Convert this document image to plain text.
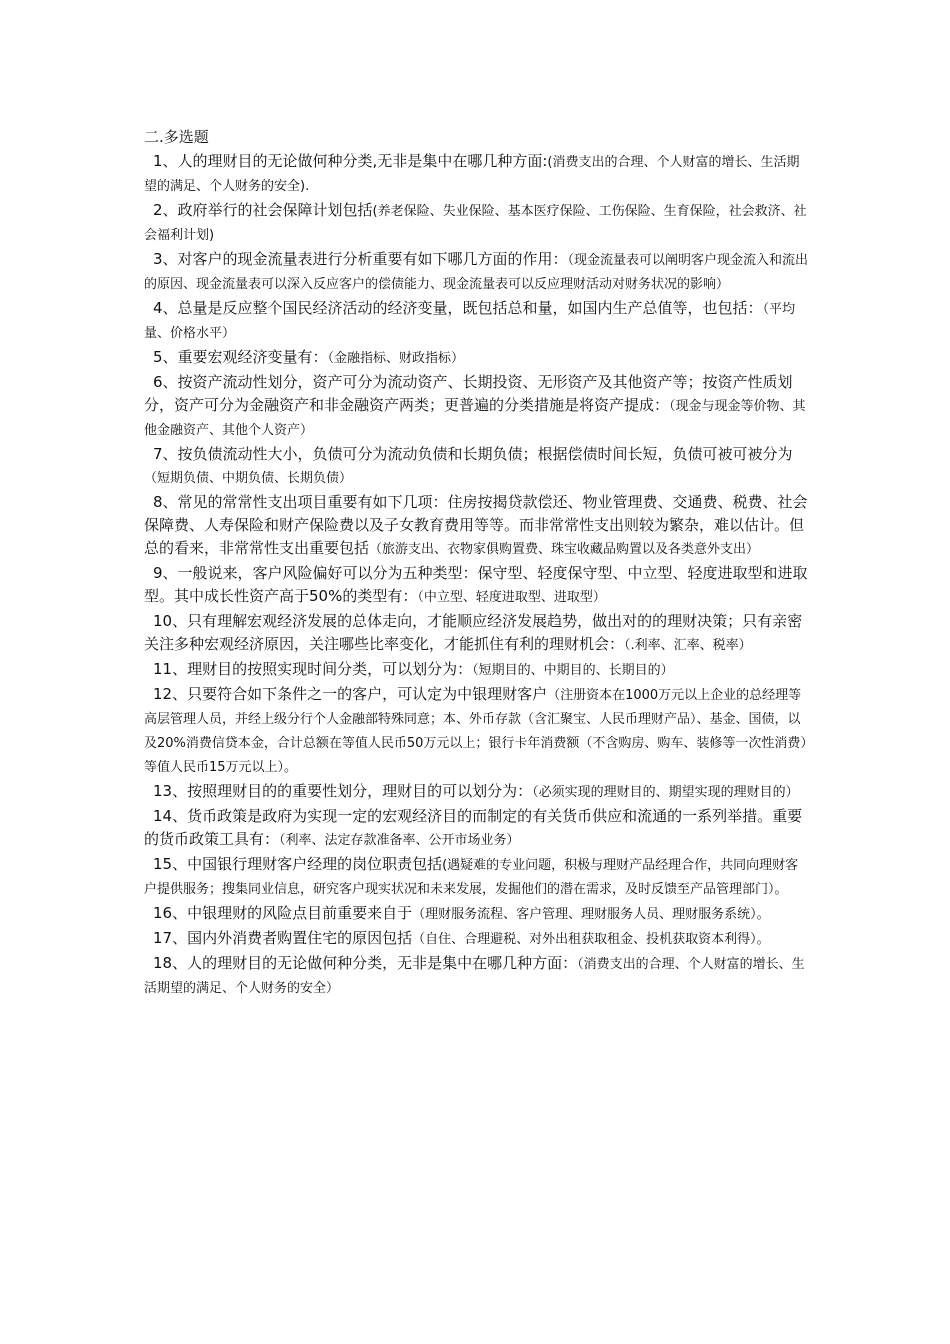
二.多选题

1、人的理财目的无论做何种分类,无非是集中在哪几种方面:(消费支出的合理、个人财富的增长、生活期望的满足、个人财务的安全).

2、政府举行的社会保障计划包括(养老保险、失业保险、基本医疗保险、工伤保险、生育保险，社会救济、社会福利计划)

3、对客户的现金流量表进行分析重要有如下哪几方面的作用：（现金流量表可以阐明客户现金流入和流出的原因、现金流量表可以深入反应客户的偿债能力、现金流量表可以反应理财活动对财务状况的影响）

4、总量是反应整个国民经济活动的经济变量，既包括总和量，如国内生产总值等，也包括：（平均量、价格水平）

5、重要宏观经济变量有：（金融指标、财政指标）

6、按资产流动性划分，资产可分为流动资产、长期投资、无形资产及其他资产等；按资产性质划分，资产可分为金融资产和非金融资产两类；更普遍的分类措施是将资产提成：（现金与现金等价物、其他金融资产、其他个人资产）

7、按负债流动性大小，负债可分为流动负债和长期负债；根据偿债时间长短，负债可被可被分为（短期负债、中期负债、长期负债）

8、常见的常常性支出项目重要有如下几项：住房按揭贷款偿还、物业管理费、交通费、税费、社会保障费、人寿保险和财产保险费以及子女教育费用等等。而非常常性支出则较为繁杂，难以估计。但总的看来，非常常性支出重要包括（旅游支出、衣物家俱购置费、珠宝收藏品购置以及各类意外支出）

9、一般说来，客户风险偏好可以分为五种类型：保守型、轻度保守型、中立型、轻度进取型和进取型。其中成长性资产高于50%的类型有：（中立型、轻度进取型、进取型）

10、只有理解宏观经济发展的总体走向，才能顺应经济发展趋势，做出对的的理财决策；只有亲密关注多种宏观经济原因，关注哪些比率变化，才能抓住有利的理财机会：（.利率、汇率、税率）

11、理财目的按照实现时间分类，可以划分为：（短期目的、中期目的、长期目的）

12、只要符合如下条件之一的客户，可认定为中银理财客户（注册资本在1000万元以上企业的总经理等高层管理人员，并经上级分行个人金融部特殊同意；本、外币存款（含汇聚宝、人民币理财产品）、基金、国债，以及20%消费信贷本金，合计总额在等值人民币50万元以上；银行卡年消费额（不含购房、购车、装修等一次性消费）等值人民币15万元以上）。

13、按照理财目的的重要性划分，理财目的可以划分为：（必须实现的理财目的、期望实现的理财目的）

14、货币政策是政府为实现一定的宏观经济目的而制定的有关货币供应和流通的一系列举措。重要的货币政策工具有：（利率、法定存款准备率、公开市场业务）

15、中国银行理财客户经理的岗位职责包括(遇疑难的专业问题，积极与理财产品经理合作，共同向理财客户提供服务；搜集同业信息，研究客户现实状况和未来发展，发掘他们的潜在需求，及时反馈至产品管理部门）。

16、中银理财的风险点目前重要来自于（理财服务流程、客户管理、理财服务人员、理财服务系统）。

17、国内外消费者购置住宅的原因包括（自住、合理避税、对外出租获取租金、投机获取资本利得）。

18、人的理财目的无论做何种分类，无非是集中在哪几种方面：（消费支出的合理、个人财富的增长、生活期望的满足、个人财务的安全）
